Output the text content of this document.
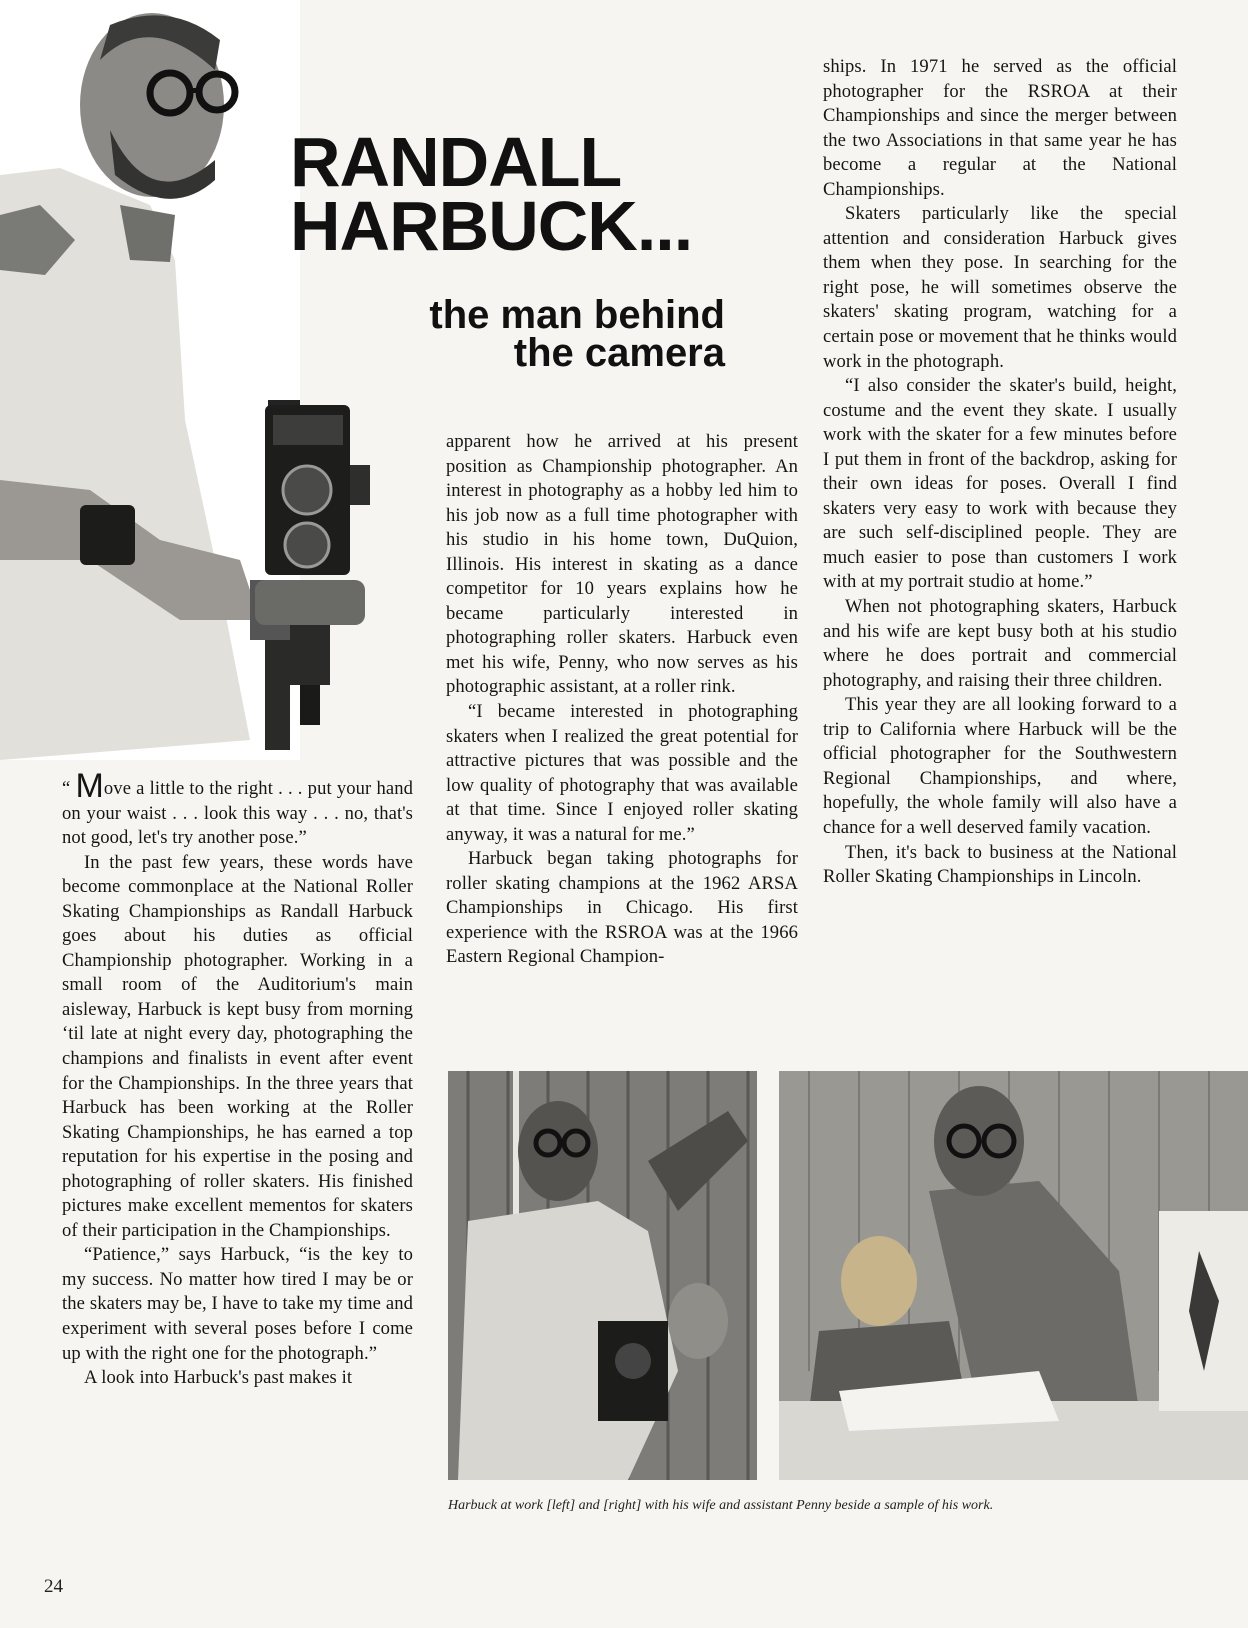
RANDALL HARBUCK...
the man behind
the camera

“ Move a little to the right . . . put your hand on your waist . . . look this way . . . no, that's not good, let's try another pose.”

In the past few years, these words have become commonplace at the National Roller Skating Championships as Randall Harbuck goes about his duties as official Championship photographer. Working in a small room of the Auditorium's main aisleway, Harbuck is kept busy from morning ‘til late at night every day, photographing the champions and finalists in event after event for the Championships. In the three years that Harbuck has been working at the Roller Skating Championships, he has earned a top reputation for his expertise in the posing and photographing of roller skaters. His finished pictures make excellent mementos for skaters of their participation in the Championships.

“Patience,” says Harbuck, “is the key to my success. No matter how tired I may be or the skaters may be, I have to take my time and experiment with several poses before I come up with the right one for the photograph.”

A look into Harbuck's past makes it

apparent how he arrived at his present position as Championship photographer. An interest in photography as a hobby led him to his job now as a full time photographer with his studio in his home town, DuQuion, Illinois. His interest in skating as a dance competitor for 10 years explains how he became particularly interested in photographing roller skaters. Harbuck even met his wife, Penny, who now serves as his photographic assistant, at a roller rink.

“I became interested in photographing skaters when I realized the great potential for attractive pictures that was possible and the low quality of photography that was available at that time. Since I enjoyed roller skating anyway, it was a natural for me.”

Harbuck began taking photographs for roller skating champions at the 1962 ARSA Championships in Chicago. His first experience with the RSROA was at the 1966 Eastern Regional Champion-

ships. In 1971 he served as the official photographer for the RSROA at their Championships and since the merger between the two Associations in that same year he has become a regular at the National Championships.

Skaters particularly like the special attention and consideration Harbuck gives them when they pose. In searching for the right pose, he will sometimes observe the skaters' skating program, watching for a certain pose or movement that he thinks would work in the photograph.

“I also consider the skater's build, height, costume and the event they skate. I usually work with the skater for a few minutes before I put them in front of the backdrop, asking for their own ideas for poses. Overall I find skaters very easy to work with because they are such self-disciplined people. They are much easier to pose than customers I work with at my portrait studio at home.”

When not photographing skaters, Harbuck and his wife are kept busy both at his studio where he does portrait and commercial photography, and raising their three children.

This year they are all looking forward to a trip to California where Harbuck will be the official photographer for the Southwestern Regional Championships, and where, hopefully, the whole family will also have a chance for a well deserved family vacation.

Then, it's back to business at the National Roller Skating Championships in Lincoln.

Harbuck at work [left] and [right] with his wife and assistant Penny beside a sample of his work.
24
